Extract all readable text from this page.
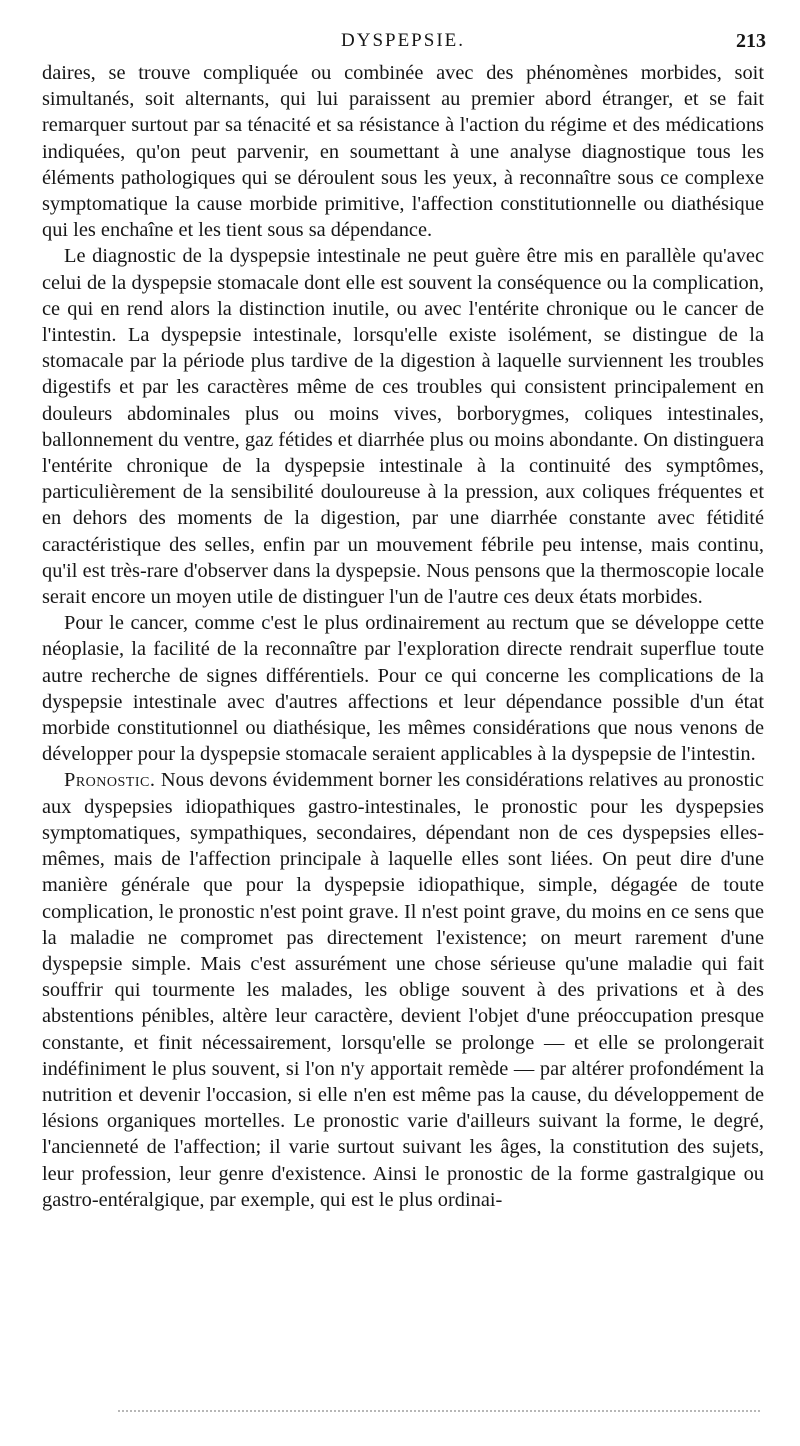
DYSPEPSIE.	213

daires, se trouve compliquée ou combinée avec des phénomènes morbides, soit simultanés, soit alternants, qui lui paraissent au premier abord étranger, et se fait remarquer surtout par sa ténacité et sa résistance à l'action du régime et des médications indiquées, qu'on peut parvenir, en soumettant à une analyse diagnostique tous les éléments pathologiques qui se déroulent sous les yeux, à reconnaître sous ce complexe symptomatique la cause morbide primitive, l'affection constitutionnelle ou diathésique qui les enchaîne et les tient sous sa dépendance.

Le diagnostic de la dyspepsie intestinale ne peut guère être mis en parallèle qu'avec celui de la dyspepsie stomacale dont elle est souvent la conséquence ou la complication, ce qui en rend alors la distinction inutile, ou avec l'entérite chronique ou le cancer de l'intestin. La dyspepsie intestinale, lorsqu'elle existe isolément, se distingue de la stomacale par la période plus tardive de la digestion à laquelle surviennent les troubles digestifs et par les caractères même de ces troubles qui consistent principalement en douleurs abdominales plus ou moins vives, borborygmes, coliques intestinales, ballonnement du ventre, gaz fétides et diarrhée plus ou moins abondante. On distinguera l'entérite chronique de la dyspepsie intestinale à la continuité des symptômes, particulièrement de la sensibilité douloureuse à la pression, aux coliques fréquentes et en dehors des moments de la digestion, par une diarrhée constante avec fétidité caractéristique des selles, enfin par un mouvement fébrile peu intense, mais continu, qu'il est très-rare d'observer dans la dyspepsie. Nous pensons que la thermoscopie locale serait encore un moyen utile de distinguer l'un de l'autre ces deux états morbides.

Pour le cancer, comme c'est le plus ordinairement au rectum que se développe cette néoplasie, la facilité de la reconnaître par l'exploration directe rendrait superflue toute autre recherche de signes différentiels. Pour ce qui concerne les complications de la dyspepsie intestinale avec d'autres affections et leur dépendance possible d'un état morbide constitutionnel ou diathésique, les mêmes considérations que nous venons de développer pour la dyspepsie stomacale seraient applicables à la dyspepsie de l'intestin.

Pronostic. Nous devons évidemment borner les considérations relatives au pronostic aux dyspepsies idiopathiques gastro-intestinales, le pronostic pour les dyspepsies symptomatiques, sympathiques, secondaires, dépendant non de ces dyspepsies elles-mêmes, mais de l'affection principale à laquelle elles sont liées. On peut dire d'une manière générale que pour la dyspepsie idiopathique, simple, dégagée de toute complication, le pronostic n'est point grave. Il n'est point grave, du moins en ce sens que la maladie ne compromet pas directement l'existence; on meurt rarement d'une dyspepsie simple. Mais c'est assurément une chose sérieuse qu'une maladie qui fait souffrir qui tourmente les malades, les oblige souvent à des privations et à des abstentions pénibles, altère leur caractère, devient l'objet d'une préoccupation presque constante, et finit nécessairement, lorsqu'elle se prolonge — et elle se prolongerait indéfiniment le plus souvent, si l'on n'y apportait remède — par altérer profondément la nutrition et devenir l'occasion, si elle n'en est même pas la cause, du développement de lésions organiques mortelles. Le pronostic varie d'ailleurs suivant la forme, le degré, l'ancienneté de l'affection; il varie surtout suivant les âges, la constitution des sujets, leur profession, leur genre d'existence. Ainsi le pronostic de la forme gastralgique ou gastro-entéralgique, par exemple, qui est le plus ordinai-
